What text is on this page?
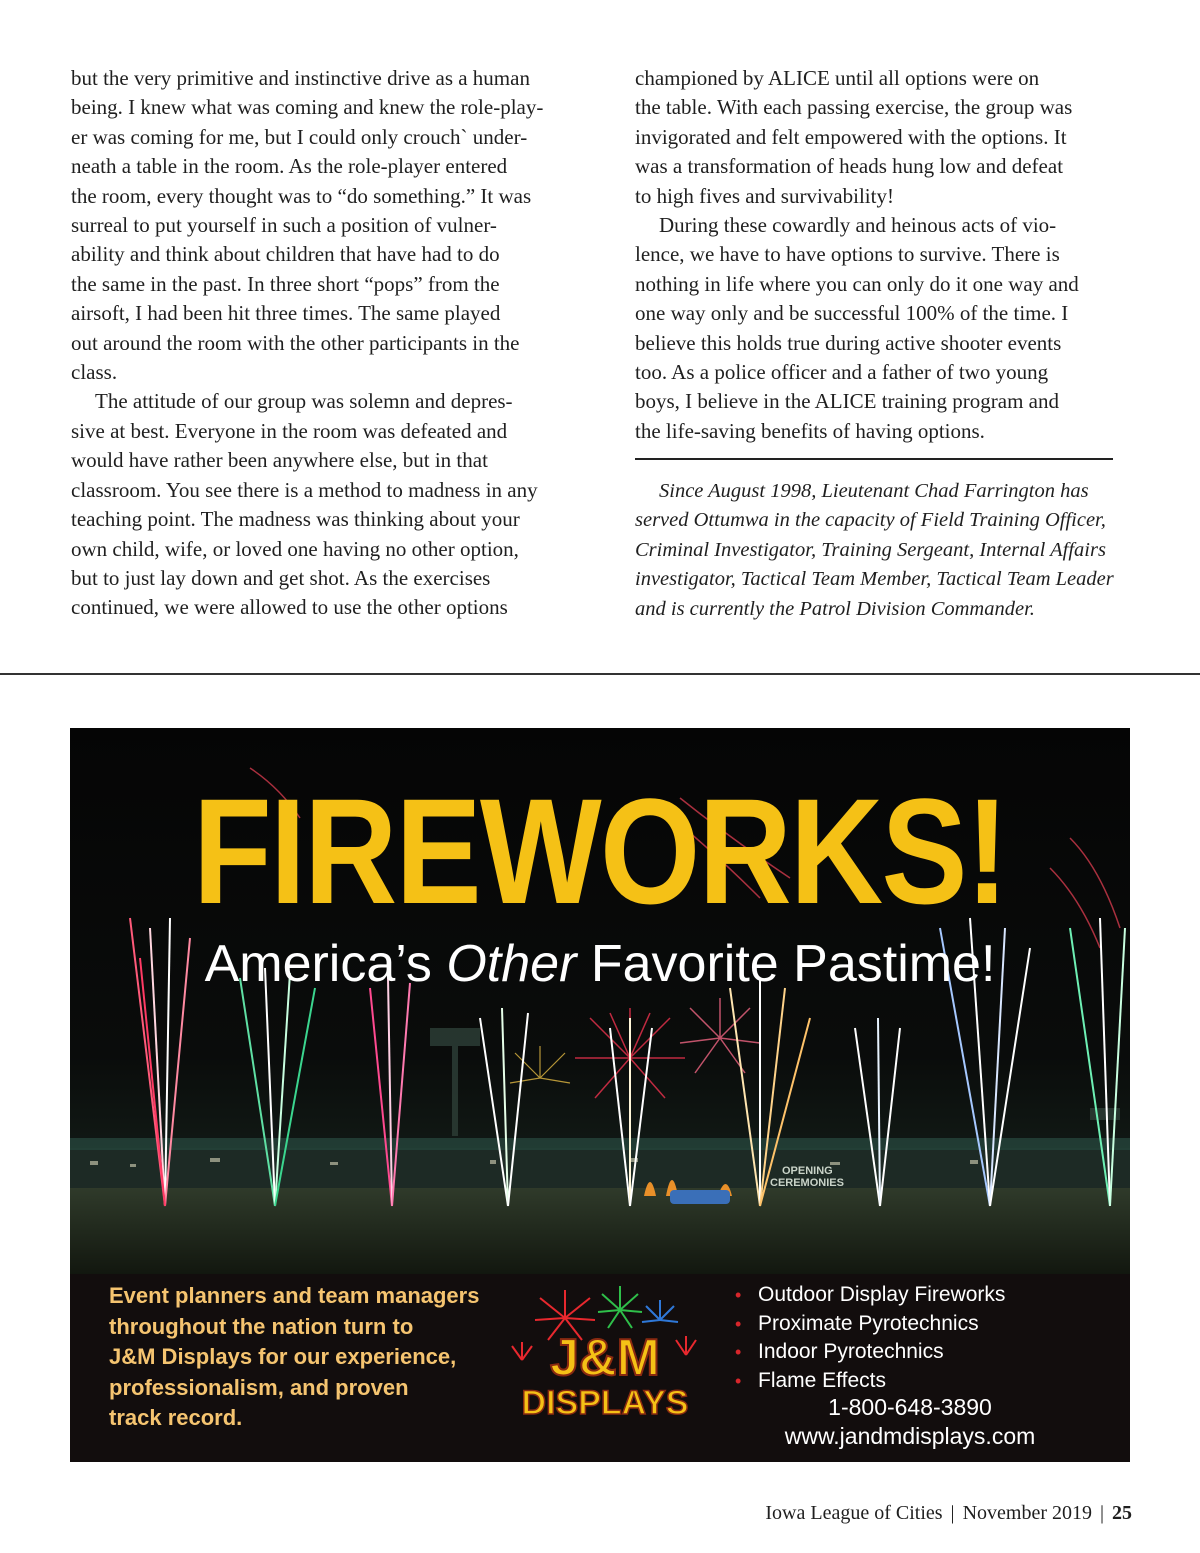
but the very primitive and instinctive drive as a human
being. I knew what was coming and knew the role-play-
er was coming for me, but I could only crouch` under-
neath a table in the room. As the role-player entered
the room, every thought was to “do something.” It was
surreal to put yourself in such a position of vulner-
ability and think about children that have had to do
the same in the past. In three short “pops” from the
airsoft, I had been hit three times. The same played
out around the room with the other participants in the
class.
The attitude of our group was solemn and depres-
sive at best. Everyone in the room was defeated and
would have rather been anywhere else, but in that
classroom. You see there is a method to madness in any
teaching point. The madness was thinking about your
own child, wife, or loved one having no other option,
but to just lay down and get shot. As the exercises
continued, we were allowed to use the other options
championed by ALICE until all options were on
the table. With each passing exercise, the group was
invigorated and felt empowered with the options. It
was a transformation of heads hung low and defeat
to high fives and survivability!
During these cowardly and heinous acts of vio-
lence, we have to have options to survive. There is
nothing in life where you can only do it one way and
one way only and be successful 100% of the time. I
believe this holds true during active shooter events
too. As a police officer and a father of two young
boys, I believe in the ALICE training program and
the life-saving benefits of having options.
Since August 1998, Lieutenant Chad Farrington has
served Ottumwa in the capacity of Field Training Officer,
Criminal Investigator, Training Sergeant, Internal Affairs
investigator, Tactical Team Member, Tactical Team Leader
and is currently the Patrol Division Commander.
OPENING
CEREMONIES
FIREWORKS!
America’s Other Favorite Pastime!
Event planners and team managers
throughout the nation turn to
J&M Displays for our experience,
professionalism, and proven
track record.
J&M
DISPLAYS
• Outdoor Display Fireworks
• Proximate Pyrotechnics
• Indoor Pyrotechnics
• Flame Effects
1-800-648-3890
www.jandmdisplays.com
Iowa League of Cities | November 2019 | 25
